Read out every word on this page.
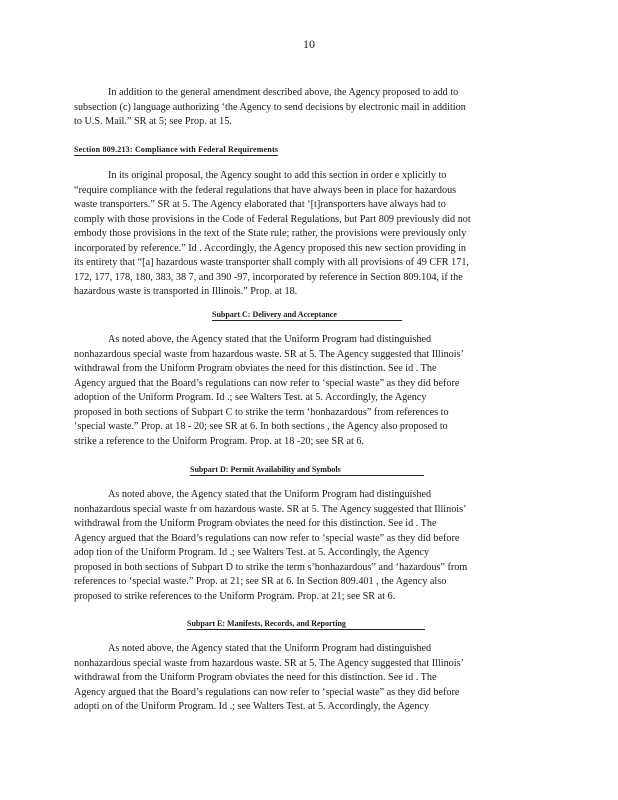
10
In addition to the general amendment described above, the Agency proposed to add to
subsection (c) language authorizing ‘the Agency to send decisions by electronic mail in addition
to U.S. Mail.” SR at 5; see Prop. at 15.
Section 809.213: Compliance with Federal Requirements
In its original proposal, the Agency sought to add this section in order e xplicitly to
“require compliance with the federal regulations that have always been in place for hazardous
waste transporters.” SR at 5. The Agency elaborated that ‘[t]ransporters have always had to
comply with those provisions in the Code of Federal Regulations, but Part 809 previously did not
embody those provisions in the text of the State rule; rather, the provisions were previously only
incorporated by reference.” Id . Accordingly, the Agency proposed this new section providing in
its entirety that “[a] hazardous waste transporter shall comply with all provisions of 49 CFR 171,
172, 177, 178, 180, 383, 38 7, and 390 -97, incorporated by reference in Section 809.104, if the
hazardous waste is transported in Illinois.” Prop. at 18.
Subpart C: Delivery and Acceptance
As noted above, the Agency stated that the Uniform Program had distinguished
nonhazardous special waste from hazardous waste. SR at 5. The Agency suggested that Illinois’
withdrawal from the Uniform Program obviates the need for this distinction. See id . The
Agency argued that the Board’s regulations can now refer to ‘special waste” as they did before
adoption of the Uniform Program. Id .; see Walters Test. at 5. Accordingly, the Agency
proposed in both sections of Subpart C to strike the term ‘honhazardous” from references to
‘special waste.” Prop. at 18 - 20; see SR at 6. In both sections , the Agency also proposed to
strike a reference to the Uniform Program. Prop. at 18 -20; see SR at 6.
Subpart D: Permit Availability and Symbols
As noted above, the Agency stated that the Uniform Program had distinguished
nonhazardous special waste fr om hazardous waste. SR at 5. The Agency suggested that Illinois’
withdrawal from the Uniform Program obviates the need for this distinction. See id . The
Agency argued that the Board’s regulations can now refer to ‘special waste” as they did before
adop tion of the Uniform Program. Id .; see Walters Test. at 5. Accordingly, the Agency
proposed in both sections of Subpart D to strike the term s’honhazardous” and ‘hazardous” from
references to ‘special waste.” Prop. at 21; see SR at 6. In Section 809.401 , the Agency also
proposed to strike references to the Uniform Program. Prop. at 21; see SR at 6.
Subpart E: Manifests, Records, and Reporting
As noted above, the Agency stated that the Uniform Program had distinguished
nonhazardous special waste from hazardous waste. SR at 5. The Agency suggested that Illinois’
withdrawal from the Uniform Program obviates the need for this distinction. See id . The
Agency argued that the Board’s regulations can now refer to ‘special waste” as they did before
adopti on of the Uniform Program. Id .; see Walters Test. at 5. Accordingly, the Agency
